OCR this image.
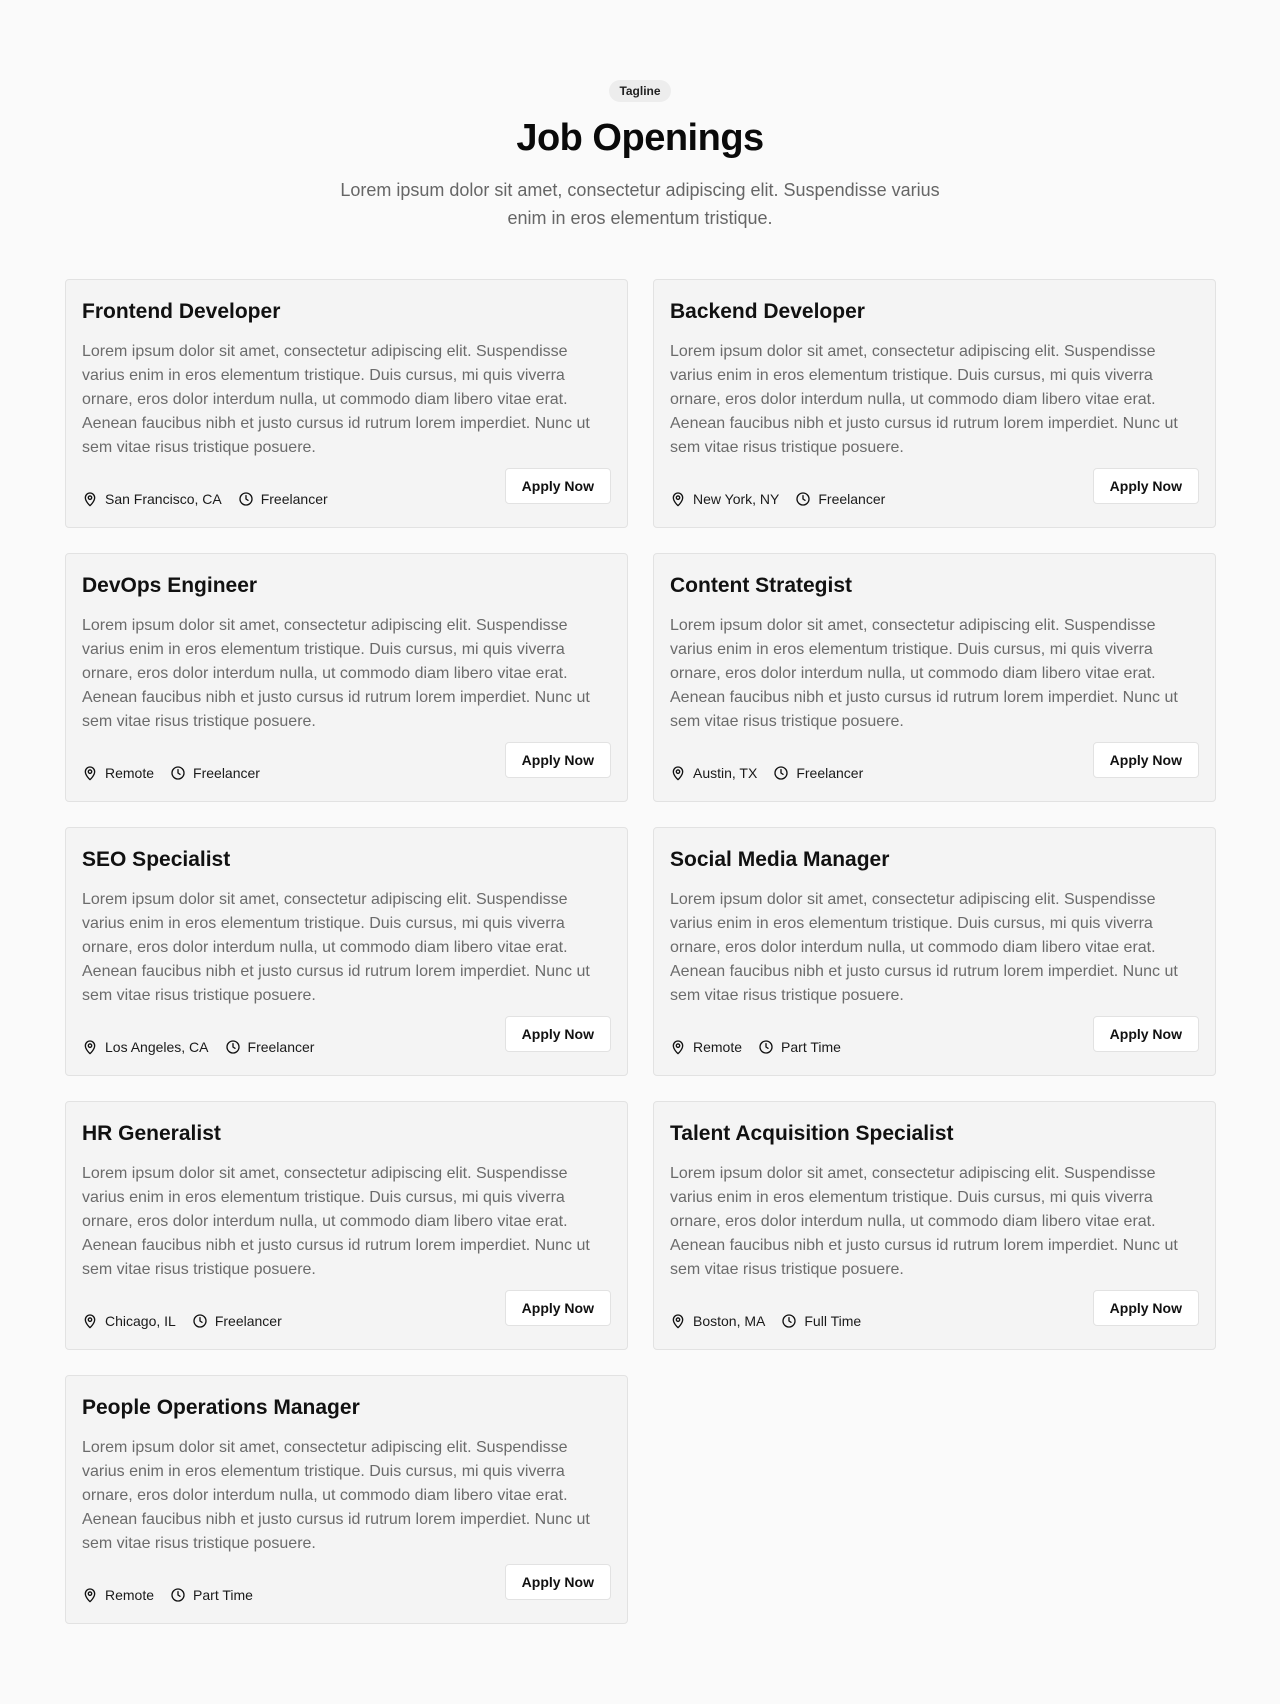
Tagline
Job Openings

Lorem ipsum dolor sit amet, consectetur adipiscing elit. Suspendisse varius enim in eros elementum tristique.

Frontend Developer

Lorem ipsum dolor sit amet, consectetur adipiscing elit. Suspendisse varius enim in eros elementum tristique. Duis cursus, mi quis viverra ornare, eros dolor interdum nulla, ut commodo diam libero vitae erat. Aenean faucibus nibh et justo cursus id rutrum lorem imperdiet. Nunc ut sem vitae risus tristique posuere.

San Francisco, CA	Freelancer
Apply Now
Backend Developer

Lorem ipsum dolor sit amet, consectetur adipiscing elit. Suspendisse varius enim in eros elementum tristique. Duis cursus, mi quis viverra ornare, eros dolor interdum nulla, ut commodo diam libero vitae erat. Aenean faucibus nibh et justo cursus id rutrum lorem imperdiet. Nunc ut sem vitae risus tristique posuere.

New York, NY	Freelancer
Apply Now
DevOps Engineer

Lorem ipsum dolor sit amet, consectetur adipiscing elit. Suspendisse varius enim in eros elementum tristique. Duis cursus, mi quis viverra ornare, eros dolor interdum nulla, ut commodo diam libero vitae erat. Aenean faucibus nibh et justo cursus id rutrum lorem imperdiet. Nunc ut sem vitae risus tristique posuere.

Remote	Freelancer
Apply Now
Content Strategist

Lorem ipsum dolor sit amet, consectetur adipiscing elit. Suspendisse varius enim in eros elementum tristique. Duis cursus, mi quis viverra ornare, eros dolor interdum nulla, ut commodo diam libero vitae erat. Aenean faucibus nibh et justo cursus id rutrum lorem imperdiet. Nunc ut sem vitae risus tristique posuere.

Austin, TX	Freelancer
Apply Now
SEO Specialist

Lorem ipsum dolor sit amet, consectetur adipiscing elit. Suspendisse varius enim in eros elementum tristique. Duis cursus, mi quis viverra ornare, eros dolor interdum nulla, ut commodo diam libero vitae erat. Aenean faucibus nibh et justo cursus id rutrum lorem imperdiet. Nunc ut sem vitae risus tristique posuere.

Los Angeles, CA	Freelancer
Apply Now
Social Media Manager

Lorem ipsum dolor sit amet, consectetur adipiscing elit. Suspendisse varius enim in eros elementum tristique. Duis cursus, mi quis viverra ornare, eros dolor interdum nulla, ut commodo diam libero vitae erat. Aenean faucibus nibh et justo cursus id rutrum lorem imperdiet. Nunc ut sem vitae risus tristique posuere.

Remote	Part Time
Apply Now
HR Generalist

Lorem ipsum dolor sit amet, consectetur adipiscing elit. Suspendisse varius enim in eros elementum tristique. Duis cursus, mi quis viverra ornare, eros dolor interdum nulla, ut commodo diam libero vitae erat. Aenean faucibus nibh et justo cursus id rutrum lorem imperdiet. Nunc ut sem vitae risus tristique posuere.

Chicago, IL	Freelancer
Apply Now
Talent Acquisition Specialist

Lorem ipsum dolor sit amet, consectetur adipiscing elit. Suspendisse varius enim in eros elementum tristique. Duis cursus, mi quis viverra ornare, eros dolor interdum nulla, ut commodo diam libero vitae erat. Aenean faucibus nibh et justo cursus id rutrum lorem imperdiet. Nunc ut sem vitae risus tristique posuere.

Boston, MA	Full Time
Apply Now
People Operations Manager

Lorem ipsum dolor sit amet, consectetur adipiscing elit. Suspendisse varius enim in eros elementum tristique. Duis cursus, mi quis viverra ornare, eros dolor interdum nulla, ut commodo diam libero vitae erat. Aenean faucibus nibh et justo cursus id rutrum lorem imperdiet. Nunc ut sem vitae risus tristique posuere.

Remote	Part Time
Apply Now
